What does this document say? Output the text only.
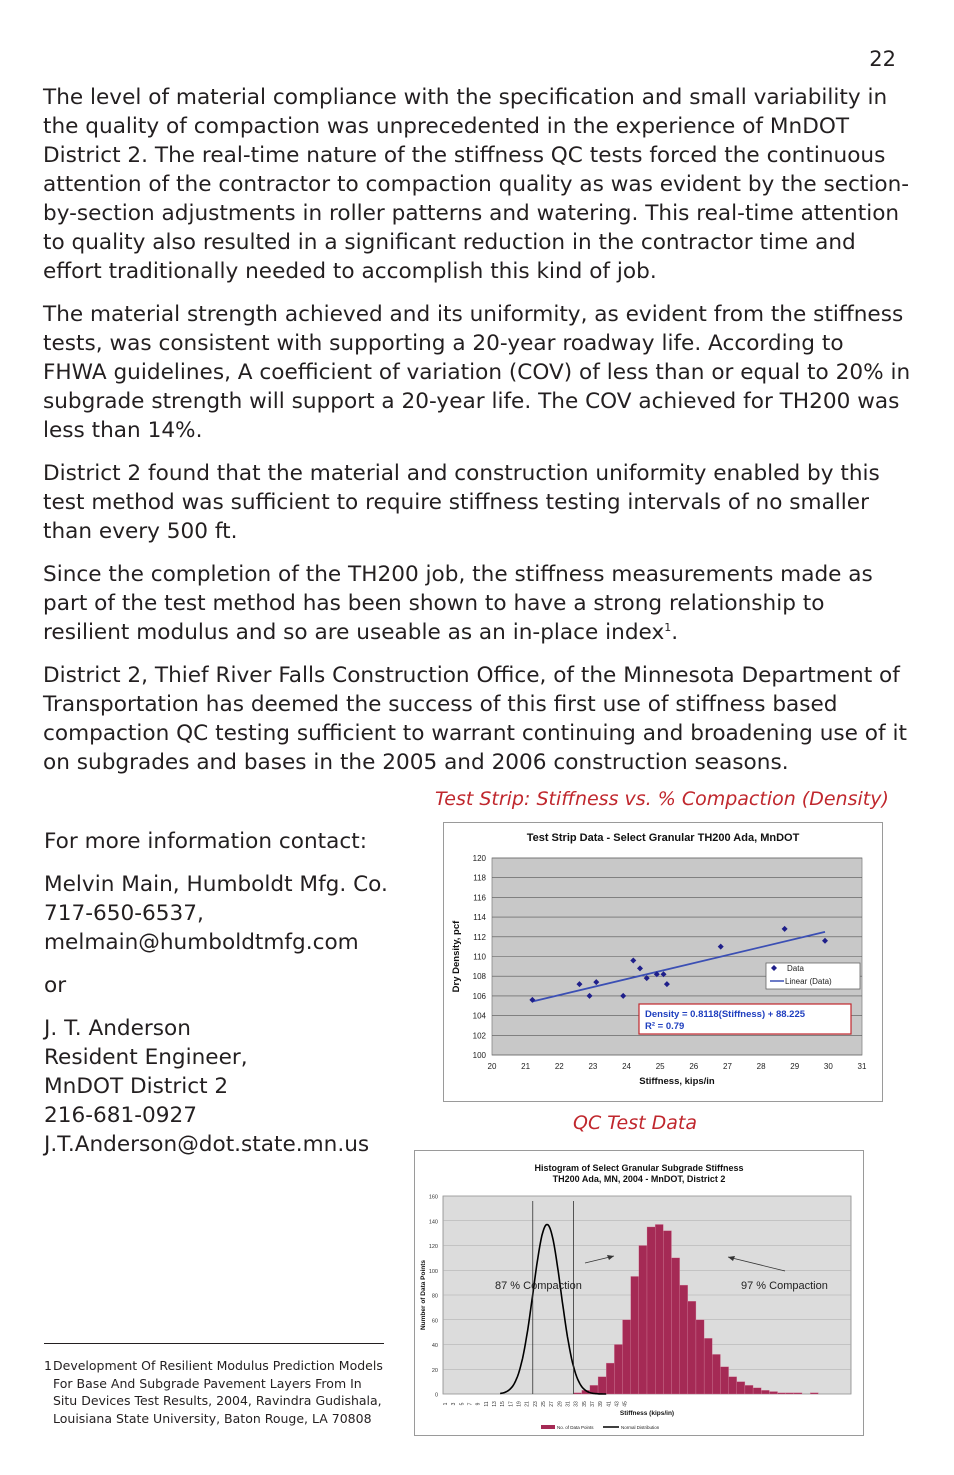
22

The level of material compliance with the specification and small variability in the quality of compaction was unprecedented in the experience of MnDOT District 2. The real-time nature of the stiffness QC tests forced the continuous attention of the contractor to compaction quality as was evident by the section-by-section adjustments in roller patterns and watering. This real-time attention to quality also resulted in a significant reduction in the contractor time and effort traditionally needed to accomplish this kind of job.

The material strength achieved and its uniformity, as evident from the stiffness tests, was consistent with supporting a 20-year roadway life. According to FHWA guidelines, A coefficient of variation (COV) of less than or equal to 20% in subgrade strength will support a 20-year life. The COV achieved for TH200 was less than 14%.

District 2 found that the material and construction uniformity enabled by this test method was sufficient to require stiffness testing intervals of no smaller than every 500 ft.

Since the completion of the TH200 job, the stiffness measurements made as part of the test method has been shown to have a strong relationship to resilient modulus and so are useable as an in-place index$^1$.

District 2, Thief River Falls Construction Office, of the Minnesota Department of Transportation has deemed the success of this first use of stiffness based compaction QC testing sufficient to warrant continuing and broadening use of it on subgrades and bases in the 2005 and 2006 construction seasons.

For more information contact:

Melvin Main, Humboldt Mfg. Co.
717-650-6537,
melmain@humboldtmfg.com

or

J. T. Anderson
Resident Engineer,
MnDOT District 2
216-681-0927
J.T.Anderson@dot.state.mn.us

Test Strip: Stiffness vs. % Compaction (Density)
Test Strip Data - Select Granular TH200 Ada, MnDOT
100
102
104
106
108
110
112
114
116
118
120
20	21	22	23	24	25	26	27	28	29	30	31
Stiffness, kips/in
Dry Density, pcf	Data
Linear (Data)
Density = 0.8118(Stiffness) + 88.225
R² = 0.79
QC Test Data
Histogram of Select Granular Subgrade Stiffness
TH200 Ada, MN, 2004 - MnDOT, District 2
0
20
40
60
80
100
120
140
160
87 % Compaction	97 % Compaction
1 3 5 7 9 11 13 15 17 19 21 23 25 27 29 31 33 35 37 39 41 43 45
Stiffness (kips/in)
Number of Data Points
No. of Data Points	Normal Distribution
1 Development Of Resilient Modulus Prediction Models For Base And Subgrade Pavement Layers From In Situ Devices Test Results, 2004, Ravindra Gudishala, Louisiana State University, Baton Rouge, LA 70808
